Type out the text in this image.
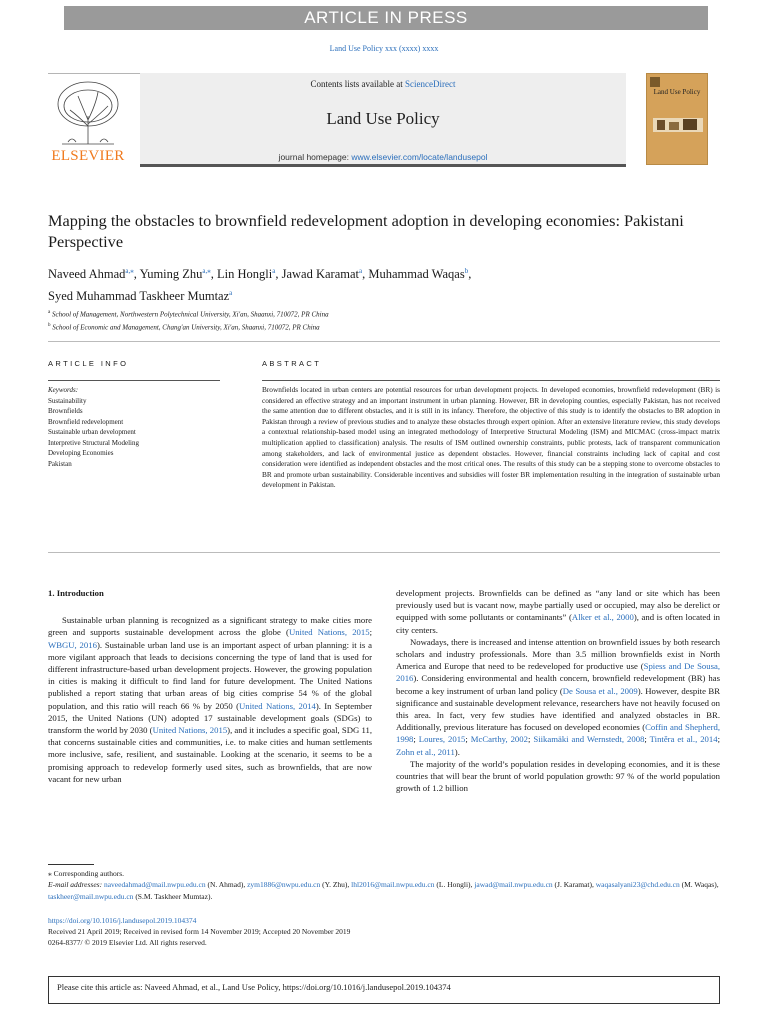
ARTICLE IN PRESS
Land Use Policy xxx (xxxx) xxxx
ELSEVIER
Contents lists available at ScienceDirect
Land Use Policy
journal homepage: www.elsevier.com/locate/landusepol
Land Use Policy
Mapping the obstacles to brownfield redevelopment adoption in developing economies: Pakistani Perspective
Naveed Ahmad$^{a,⁎}$, Yuming Zhu$^{a,⁎}$, Lin Hongli$^a$, Jawad Karamat$^a$, Muhammad Waqas$^b$,
Syed Muhammad Taskheer Mumtaz$^a$
$^a$ School of Management, Northwestern Polytechnical University, Xi'an, Shaanxi, 710072, PR China
$^b$ School of Economic and Management, Chang'an University, Xi'an, Shaanxi, 710072, PR China
ARTICLE INFO	ABSTRACT
Keywords:
Sustainability
Brownfields
Brownfield redevelopment
Sustainable urban development
Interpretive Structural Modeling
Developing Economies
Pakistan
Brownfields located in urban centers are potential resources for urban development projects. In developed economies, brownfield redevelopment (BR) is considered an effective strategy and an important instrument in urban planning. However, BR in developing counties, especially Pakistan, has not received the same attention due to different obstacles, and it is still in its infancy. Therefore, the objective of this study is to identify the obstacles to BR adoption in Pakistan through a review of previous studies and to analyze these obstacles through expert opinion. After an extensive literature review, this study develops a contextual relationship-based model using an integrated methodology of Interpretive Structural Modeling (ISM) and MICMAC (cross-impact matrix multiplication applied to classification) analysis. The results of ISM outlined ownership constraints, public protests, lack of transparent communication among stakeholders, and lack of environmental justice as dependent obstacles. However, financial constraints including lack of capital and cost consideration were identified as independent obstacles and the most critical ones. The results of this study can be a stepping stone to overcome obstacles to BR and promote urban sustainability. Considerable incentives and subsidies will foster BR implementation resulting in the integration of sustainable urban development in Pakistan.

1. Introduction

Sustainable urban planning is recognized as a significant strategy to make cities more green and supports sustainable development across the globe (United Nations, 2015; WBGU, 2016). Sustainable urban land use is an important aspect of urban planning: it is a more vigilant approach that leads to decisions concerning the type of land that is used for different infrastructure-based urban development projects. However, the growing population in cities is making it difficult to find land for future development. The United Nations published a report stating that urban areas of big cities comprise 54 % of the global population, and this ratio will reach 66 % by 2050 (United Nations, 2014). In September 2015, the United Nations (UN) adopted 17 sustainable development goals (SDGs) to transform the world by 2030 (United Nations, 2015), and it includes a specific goal, SDG 11, that concerns sustainable cities and communities, i.e. to make cities and human settlements more inclusive, safe, resilient, and sustainable. Looking at the scenario, it seems to be a promising approach to redevelop formerly used sites, such as brownfields, that are now vacant for new urban

development projects. Brownfields can be defined as “any land or site which has been previously used but is vacant now, maybe partially used or occupied, may also be derelict or equipped with some pollutants or contaminants” (Alker et al., 2000), and is often located in city centers.

Nowadays, there is increased and intense attention on brownfield issues by both research scholars and industry professionals. More than 3.5 million brownfields exist in North America and Europe that need to be redeveloped for productive use (Spiess and De Sousa, 2016). Considering environmental and health concern, brownfield redevelopment (BR) has become a key instrument of urban land policy (De Sousa et al., 2009). However, despite BR significance and sustainable development relevance, researchers have not heavily focused on this area. In fact, very few studies have identified and analyzed obstacles in BR. Additionally, previous literature has focused on developed economies (Coffin and Shepherd, 1998; Loures, 2015; McCarthy, 2002; Siikamäki and Wernstedt, 2008; Tintěra et al., 2014; Zohn et al., 2011).

The majority of the world’s population resides in developing economies, and it is these countries that will bear the brunt of world population growth: 97 % of the world population growth of 1.2 billion

⁎ Corresponding authors.
E-mail addresses: naveedahmad@mail.nwpu.edu.cn (N. Ahmad), zym1886@nwpu.edu.cn (Y. Zhu), lhl2016@mail.nwpu.edu.cn (L. Hongli), jawad@mail.nwpu.edu.cn (J. Karamat), waqasalyani23@chd.edu.cn (M. Waqas), taskheer@mail.nwpu.edu.cn (S.M. Taskheer Mumtaz).
https://doi.org/10.1016/j.landusepol.2019.104374
Received 21 April 2019; Received in revised form 14 November 2019; Accepted 20 November 2019
0264-8377/ © 2019 Elsevier Ltd. All rights reserved.
Please cite this article as: Naveed Ahmad, et al., Land Use Policy, https://doi.org/10.1016/j.landusepol.2019.104374
